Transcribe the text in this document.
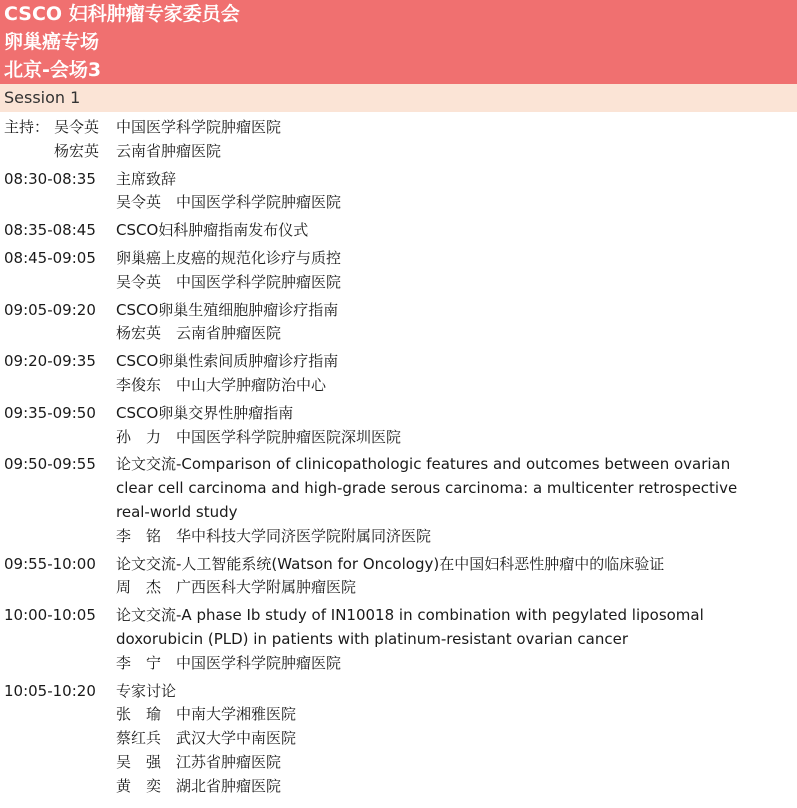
CSCO 妇科肿瘤专家委员会
卵巢癌专场
北京-会场3
Session 1
主持： 吴令英	中国医学科学院肿瘤医院
杨宏英	云南省肿瘤医院
08:30-08:35	主席致辞
吴令英 中国医学科学院肿瘤医院
08:35-08:45	CSCO妇科肿瘤指南发布仪式
08:45-09:05	卵巢癌上皮癌的规范化诊疗与质控
吴令英 中国医学科学院肿瘤医院
09:05-09:20	CSCO卵巢生殖细胞肿瘤诊疗指南
杨宏英 云南省肿瘤医院
09:20-09:35	CSCO卵巢性索间质肿瘤诊疗指南
李俊东 中山大学肿瘤防治中心
09:35-09:50	CSCO卵巢交界性肿瘤指南
孙　力 中国医学科学院肿瘤医院深圳医院
09:50-09:55	论文交流-Comparison of clinicopathologic features and outcomes between ovarian
clear cell carcinoma and high-grade serous carcinoma: a multicenter retrospective
real-world study
李　铭 华中科技大学同济医学院附属同济医院
09:55-10:00	论文交流-人工智能系统(Watson for Oncology)在中国妇科恶性肿瘤中的临床验证
周　杰 广西医科大学附属肿瘤医院
10:00-10:05	论文交流-A phase Ib study of IN10018 in combination with pegylated liposomal
doxorubicin (PLD) in patients with platinum-resistant ovarian cancer
李　宁 中国医学科学院肿瘤医院
10:05-10:20	专家讨论
张　瑜 中南大学湘雅医院
蔡红兵 武汉大学中南医院
吴　强 江苏省肿瘤医院
黄　奕 湖北省肿瘤医院
